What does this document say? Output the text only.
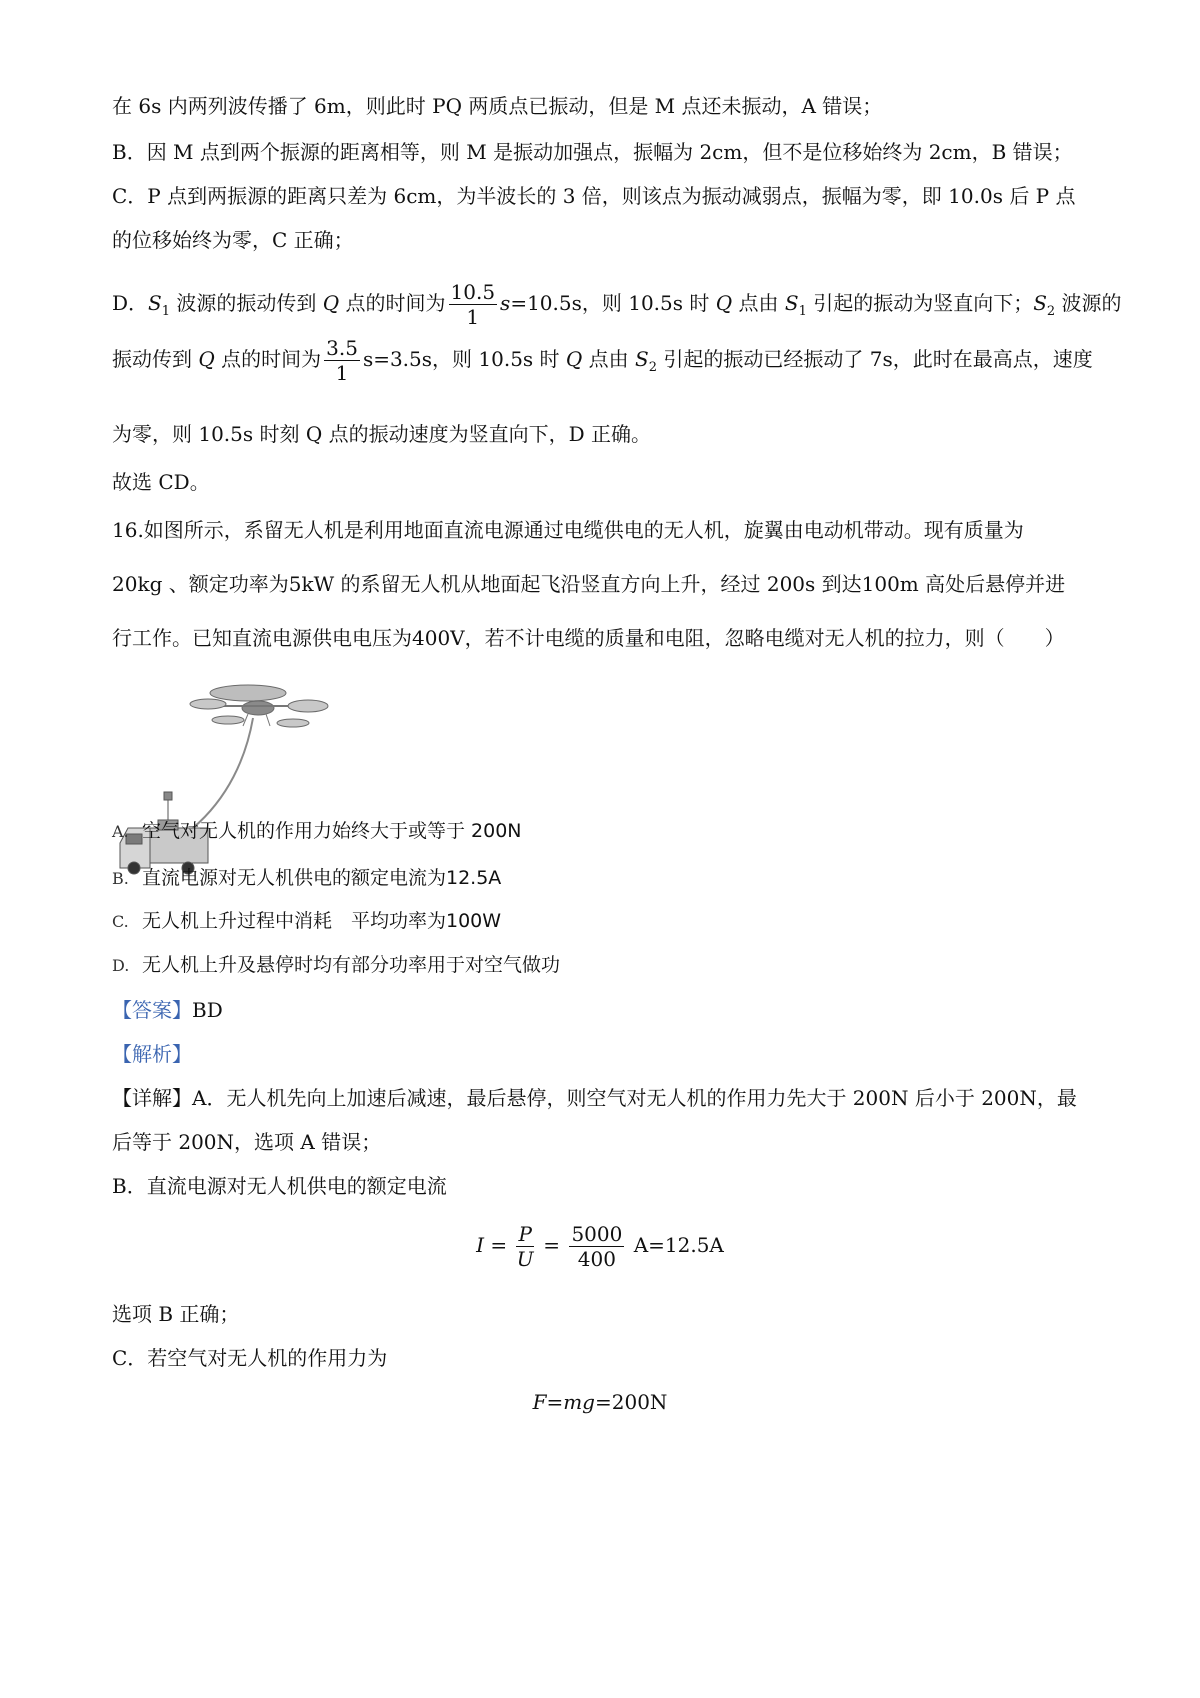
在 6s 内两列波传播了 6m，则此时 PQ 两质点已振动，但是 M 点还未振动，A 错误；
B．因 M 点到两个振源的距离相等，则 M 是振动加强点，振幅为 2cm，但不是位移始终为 2cm，B 错误；
C．P 点到两振源的距离只差为 6cm，为半波长的 3 倍，则该点为振动减弱点，振幅为零，即 10.0s 后 P 点
的位移始终为零，C 正确；
D．$S_1$ 波源的振动传到 Q 点的时间为 $\frac{10.5}{1} s=10.5s$，则 10.5s 时 Q 点由 $S_1$ 引起的振动为竖直向下；$S_2$ 波源的
振动传到 Q 点的时间为 $\frac{3.5}{1} s=3.5s$，则 10.5s 时 Q 点由 $S_2$ 引起的振动已经振动了 7s，此时在最高点，速度
为零，则 10.5s 时刻 Q 点的振动速度为竖直向下，D 正确。
故选 CD。
16.如图所示，系留无人机是利用地面直流电源通过电缆供电的无人机，旋翼由电动机带动。现有质量为
20kg 、额定功率为5kW 的系留无人机从地面起飞沿竖直方向上升，经过 200s 到达100m 高处后悬停并进
行工作。已知直流电源供电电压为400V，若不计电缆的质量和电阻，忽略电缆对无人机的拉力，则（　　）
A. 空气对无人机的作用力始终大于或等于 200N
B. 直流电源对无人机供电的额定电流为12.5A
C. 无人机上升过程中消耗　平均功率为100W
D. 无人机上升及悬停时均有部分功率用于对空气做功
【答案】BD
【解析】
【详解】A．无人机先向上加速后减速，最后悬停，则空气对无人机的作用力先大于 200N 后小于 200N，最
后等于 200N，选项 A 错误；
B．直流电源对无人机供电的额定电流
$I = \frac{P}{U} = \frac{5000}{400} A=12.5A$
选项 B 正确；
C．若空气对无人机的作用力为
F=mg=200N
